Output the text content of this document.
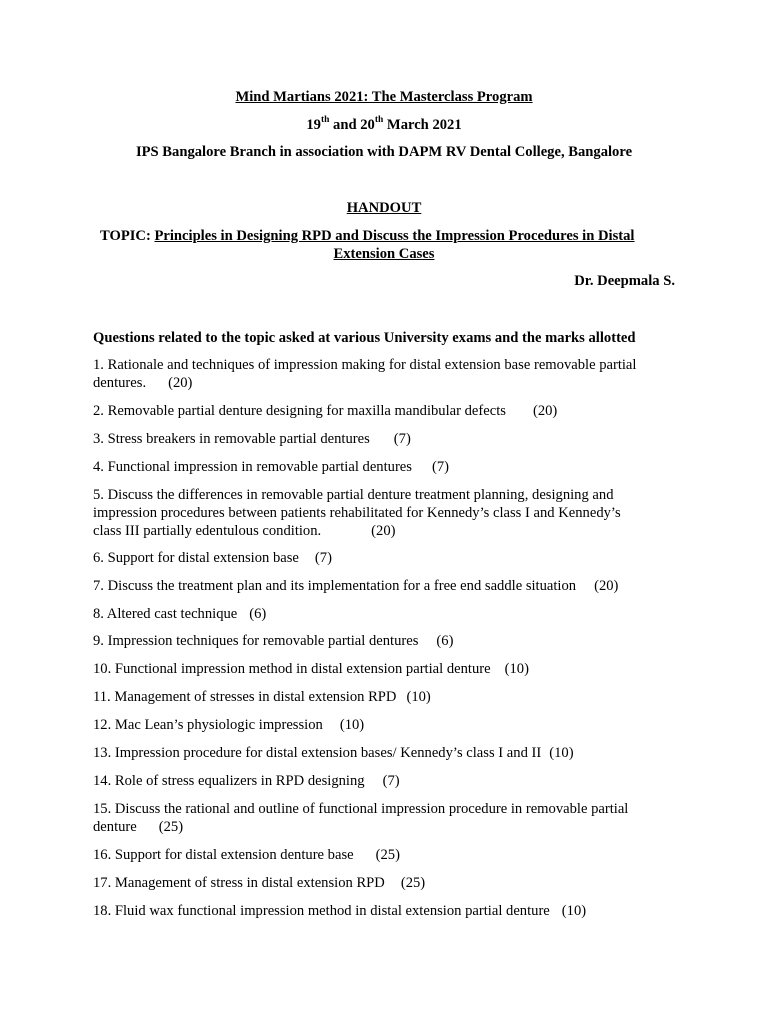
Mind Martians 2021: The Masterclass Program
19th and 20th March 2021
IPS Bangalore Branch in association with DAPM RV Dental College, Bangalore
HANDOUT
TOPIC: Principles in Designing RPD and Discuss the Impression Procedures in Distal
Extension Cases
Dr. Deepmala S.
Questions related to the topic asked at various University exams and the marks allotted
1. Rationale and techniques of impression making for distal extension base removable partial
dentures. (20)
2. Removable partial denture designing for maxilla mandibular defects (20)
3. Stress breakers in removable partial dentures (7)
4. Functional impression in removable partial dentures (7)
5. Discuss the differences in removable partial denture treatment planning, designing and
impression procedures between patients rehabilitated for Kennedy’s class I and Kennedy’s
class III partially edentulous condition.	(20)
6. Support for distal extension base (7)
7. Discuss the treatment plan and its implementation for a free end saddle situation (20)
8. Altered cast technique (6)
9. Impression techniques for removable partial dentures (6)
10. Functional impression method in distal extension partial denture (10)
11. Management of stresses in distal extension RPD (10)
12. Mac Lean’s physiologic impression (10)
13. Impression procedure for distal extension bases/ Kennedy’s class I and II (10)
14. Role of stress equalizers in RPD designing (7)
15. Discuss the rational and outline of functional impression procedure in removable partial
denture (25)
16. Support for distal extension denture base (25)
17. Management of stress in distal extension RPD (25)
18. Fluid wax functional impression method in distal extension partial denture (10)
